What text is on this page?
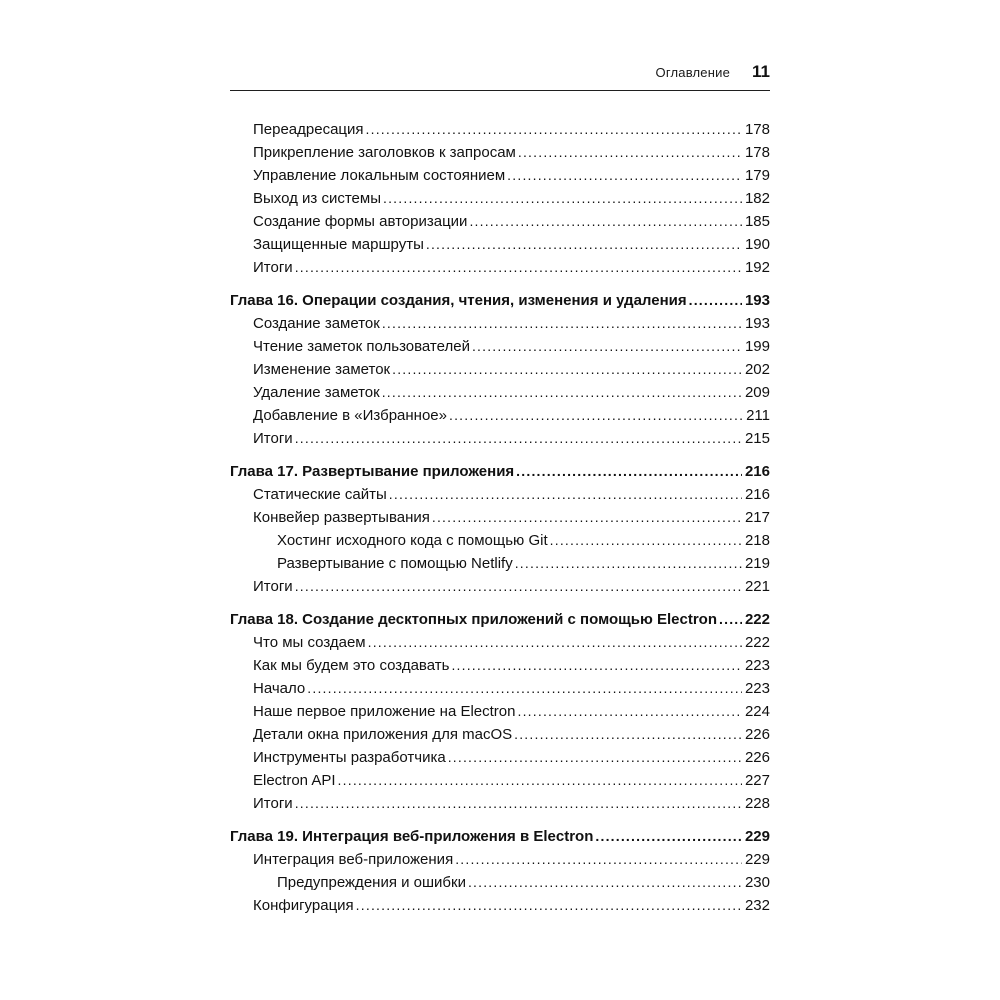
Оглавление 11
Переадресация .....	178
Прикрепление заголовков к запросам .....	178
Управление локальным состоянием .....	179
Выход из системы .....	182
Создание формы авторизации .....	185
Защищенные маршруты .....	190
Итоги .....	192
Глава 16. Операции создания, чтения, изменения и удаления .....	193
Создание заметок .....	193
Чтение заметок пользователей .....	199
Изменение заметок .....	202
Удаление заметок .....	209
Добавление в «Избранное» .....	211
Итоги .....	215
Глава 17. Развертывание приложения .....	216
Статические сайты .....	216
Конвейер развертывания .....	217
Хостинг исходного кода с помощью Git .....	218
Развертывание с помощью Netlify .....	219
Итоги .....	221
Глава 18. Создание десктопных приложений с помощью Electron ..... 222
Что мы создаем .....	222
Как мы будем это создавать .....	223
Начало .....	223
Наше первое приложение на Electron .....	224
Детали окна приложения для macOS .....	226
Инструменты разработчика .....	226
Electron API .....	227
Итоги .....	228
Глава 19. Интеграция веб-приложения в Electron .....	229
Интеграция веб-приложения .....	229
Предупреждения и ошибки .....	230
Конфигурация .....	232
